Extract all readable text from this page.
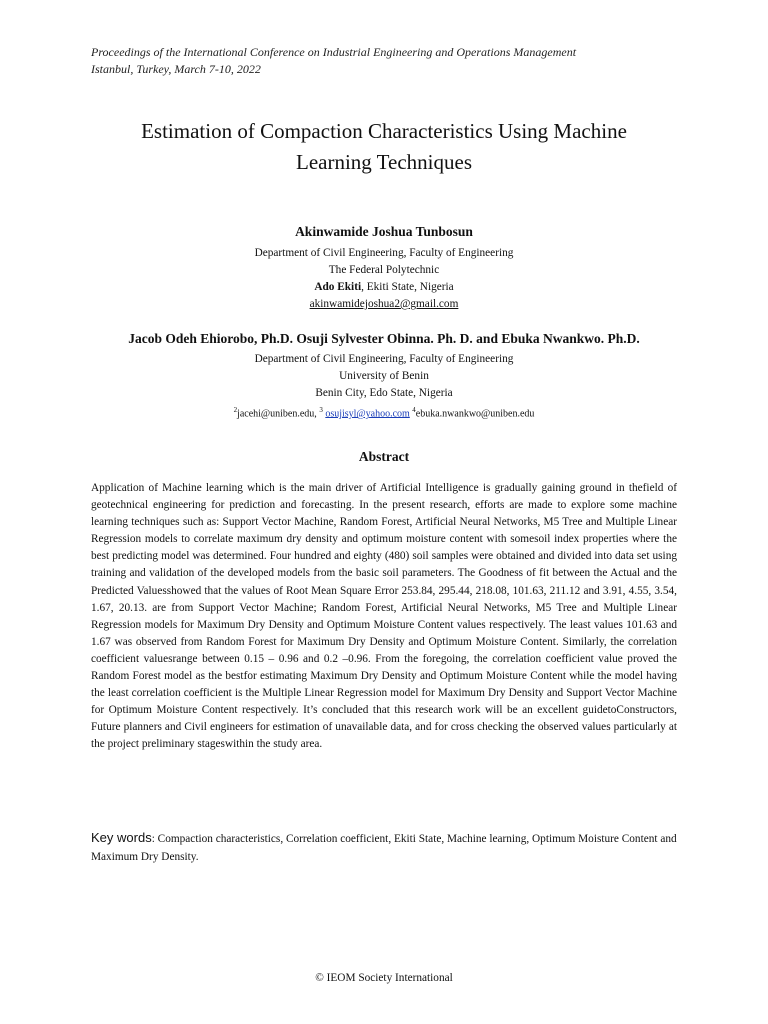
Proceedings of the International Conference on Industrial Engineering and Operations Management
Istanbul, Turkey, March 7-10, 2022
Estimation of Compaction Characteristics Using Machine
Learning Techniques
Akinwamide Joshua Tunbosun
Department of Civil Engineering, Faculty of Engineering
The Federal Polytechnic
Ado Ekiti, Ekiti State, Nigeria
akinwamidejoshua2@gmail.com
Jacob Odeh Ehiorobo, Ph.D. Osuji Sylvester Obinna. Ph. D. and Ebuka Nwankwo. Ph.D.
Department of Civil Engineering, Faculty of Engineering
University of Benin
Benin City, Edo State, Nigeria
$^2$jacehi@uniben.edu, $^3$ osujisyl@yahoo.com $^4$ebuka.nwankwo@uniben.edu
Abstract
Application of Machine learning which is the main driver of Artificial Intelligence is gradually gaining ground in thefield of geotechnical engineering for prediction and forecasting. In the present research, efforts are made to explore some machine learning techniques such as: Support Vector Machine, Random Forest, Artificial Neural Networks, M5 Tree and Multiple Linear Regression models to correlate maximum dry density and optimum moisture content with somesoil index properties where the best predicting model was determined. Four hundred and eighty (480) soil samples were obtained and divided into data set using training and validation of the developed models from the basic soil parameters. The Goodness of fit between the Actual and the Predicted Valuesshowed that the values of Root Mean Square Error 253.84, 295.44, 218.08, 101.63, 211.12 and 3.91, 4.55, 3.54, 1.67, 20.13. are from Support Vector Machine; Random Forest, Artificial Neural Networks, M5 Tree and Multiple Linear Regression models for Maximum Dry Density and Optimum Moisture Content values respectively. The least values 101.63 and 1.67 was observed from Random Forest for Maximum Dry Density and Optimum Moisture Content. Similarly, the correlation coefficient valuesrange between 0.15 – 0.96 and 0.2 –0.96. From the foregoing, the correlation coefficient value proved the Random Forest model as the bestfor estimating Maximum Dry Density and Optimum Moisture Content while the model having the least correlation coefficient is the Multiple Linear Regression model for Maximum Dry Density and Support Vector Machine for Optimum Moisture Content respectively. It’s concluded that this research work will be an excellent guidetoConstructors, Future planners and Civil engineers for estimation of unavailable data, and for cross checking the observed values particularly at the project preliminary stageswithin the study area.
Key words: Compaction characteristics, Correlation coefficient, Ekiti State, Machine learning, Optimum Moisture Content and Maximum Dry Density.
© IEOM Society International
